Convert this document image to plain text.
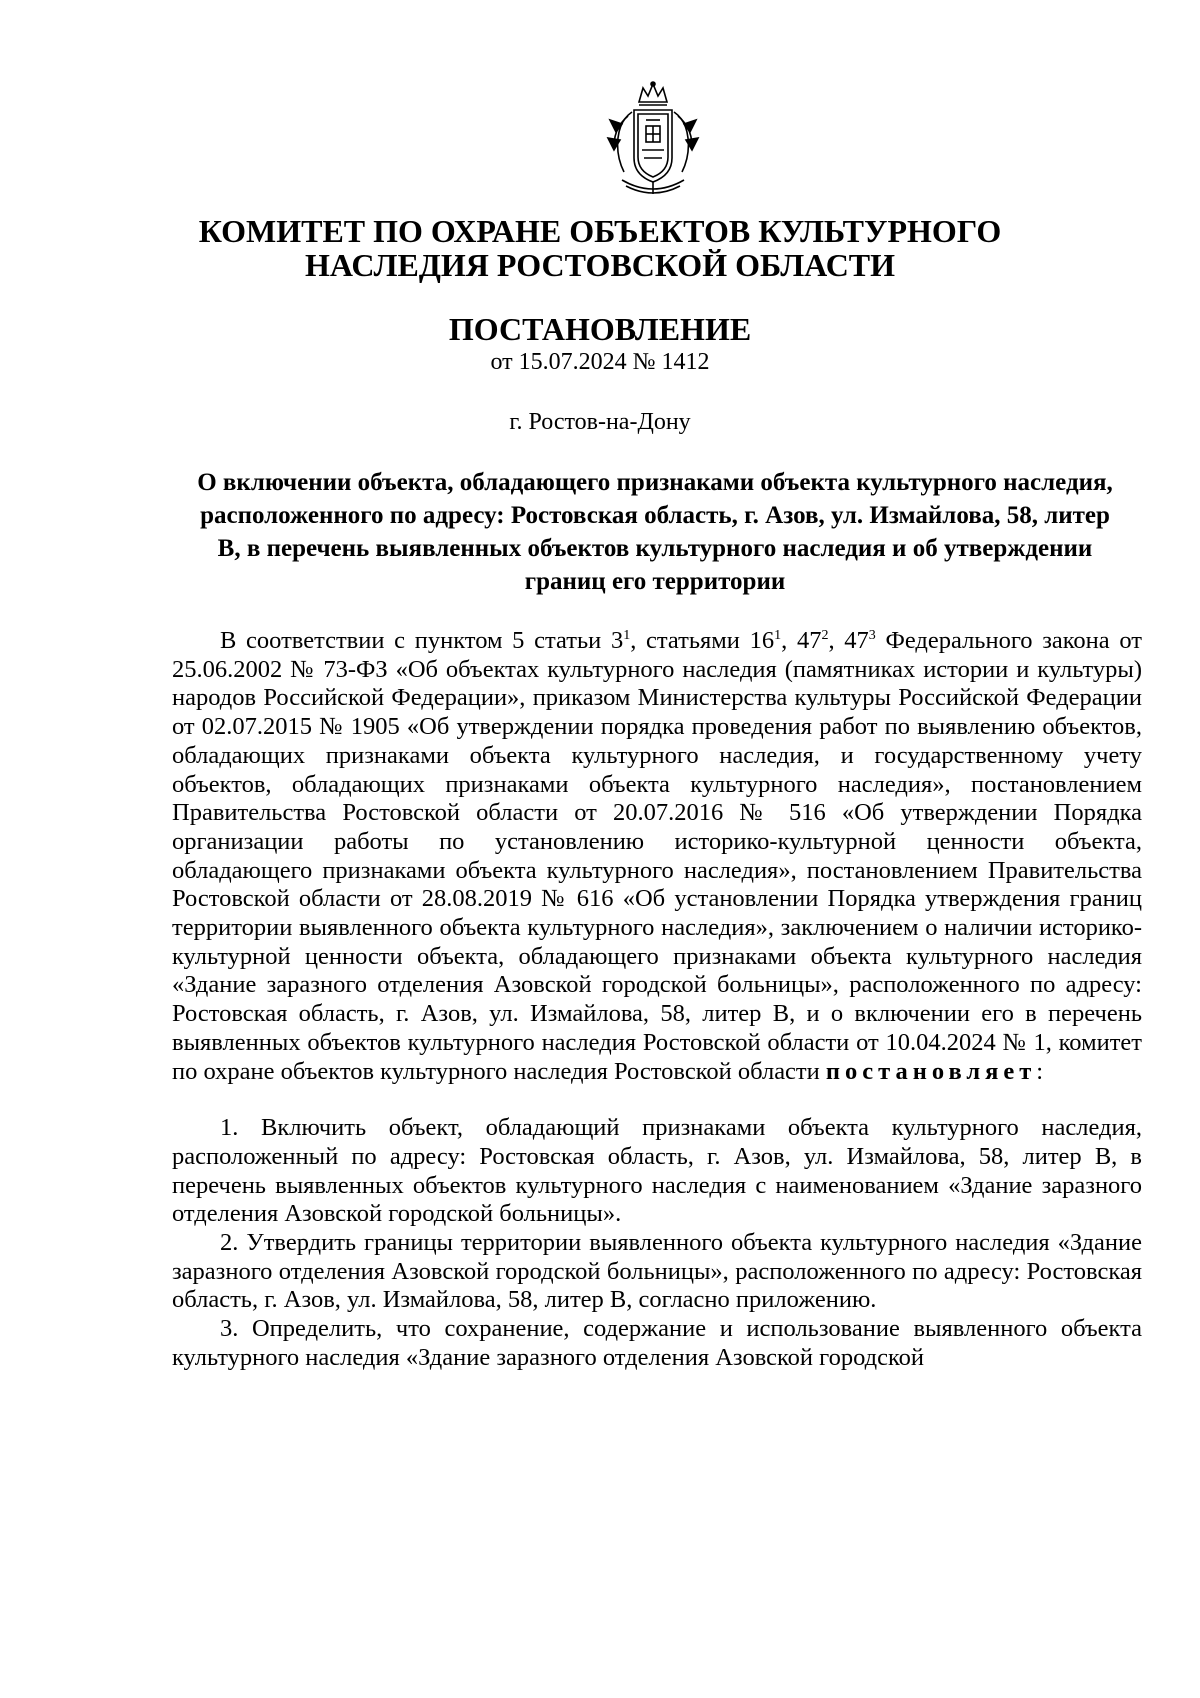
КОМИТЕТ ПО ОХРАНЕ ОБЪЕКТОВ КУЛЬТУРНОГО
НАСЛЕДИЯ РОСТОВСКОЙ ОБЛАСТИ
ПОСТАНОВЛЕНИЕ
от 15.07.2024 № 1412
г. Ростов-на-Дону
О включении объекта, обладающего признаками объекта культурного наследия, расположенного по адресу: Ростовская область, г. Азов, ул. Измайлова, 58, литер В, в перечень выявленных объектов культурного наследия и об утверждении границ его территории

В соответствии с пунктом 5 статьи $3^1$, статьями $16^1$, $47^2$, $47^3$ Федерального закона от 25.06.2002 № 73-ФЗ «Об объектах культурного наследия (памятниках истории и культуры) народов Российской Федерации», приказом Министерства культуры Российской Федерации от 02.07.2015 № 1905 «Об утверждении порядка проведения работ по выявлению объектов, обладающих признаками объекта культурного наследия, и государственному учету объектов, обладающих признаками объекта культурного наследия», постановлением Правительства Ростовской области от 20.07.2016 № 516 «Об утверждении Порядка организации работы по установлению историко-культурной ценности объекта, обладающего признаками объекта культурного наследия», постановлением Правительства Ростовской области от 28.08.2019 № 616 «Об установлении Порядка утверждения границ территории выявленного объекта культурного наследия», заключением о наличии историко-культурной ценности объекта, обладающего признаками объекта культурного наследия «Здание заразного отделения Азовской городской больницы», расположенного по адресу: Ростовская область, г. Азов, ул. Измайлова, 58, литер В, и о включении его в перечень выявленных объектов культурного наследия Ростовской области от 10.04.2024 № 1, комитет по охране объектов культурного наследия Ростовской области постановляет:

1. Включить объект, обладающий признаками объекта культурного наследия, расположенный по адресу: Ростовская область, г. Азов, ул. Измайлова, 58, литер В, в перечень выявленных объектов культурного наследия с наименованием «Здание заразного отделения Азовской городской больницы».

2. Утвердить границы территории выявленного объекта культурного наследия «Здание заразного отделения Азовской городской больницы», расположенного по адресу: Ростовская область, г. Азов, ул. Измайлова, 58, литер В, согласно приложению.

3. Определить, что сохранение, содержание и использование выявленного объекта культурного наследия «Здание заразного отделения Азовской городской
